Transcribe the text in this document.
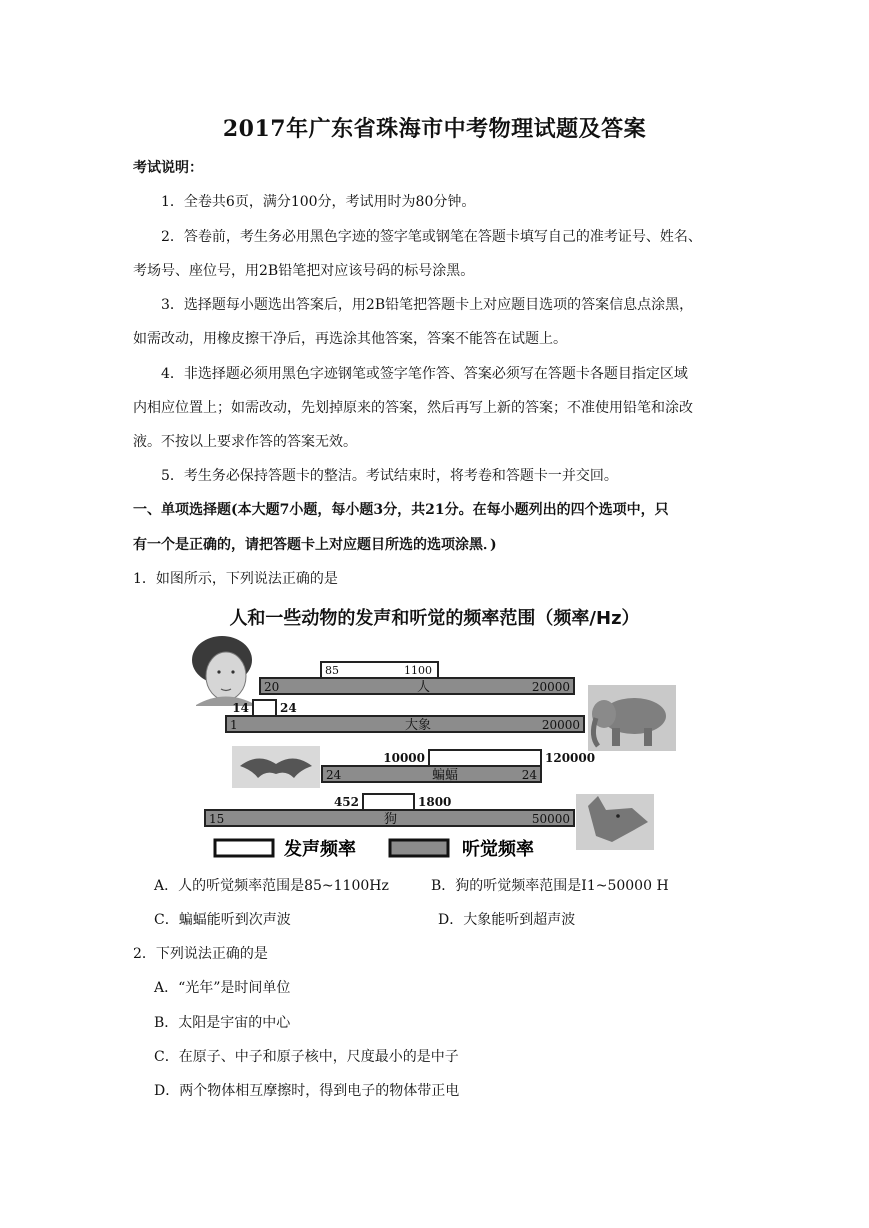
2017年广东省珠海市中考物理试题及答案
考试说明：
1．全卷共6页，满分100分，考试用时为80分钟。
2．答卷前，考生务必用黑色字迹的签字笔或钢笔在答题卡填写自己的准考证号、姓名、
考场号、座位号，用2B铅笔把对应该号码的标号涂黑。
3．选择题每小题选出答案后，用2B铅笔把答题卡上对应题目选项的答案信息点涂黑，
如需改动，用橡皮擦干净后，再选涂其他答案，答案不能答在试题上。
4．非选择题必须用黑色字迹钢笔或签字笔作答、答案必须写在答题卡各题目指定区域
内相应位置上；如需改动，先划掉原来的答案，然后再写上新的答案；不准使用铅笔和涂改
液。不按以上要求作答的答案无效。
5．考生务必保持答题卡的整洁。考试结束时，将考卷和答题卡一并交回。
一、单项选择题(本大题7小题，每小题3分，共21分。在每小题列出的四个选项中，只
有一个是正确的，请把答题卡上对应题目所选的选项涂黑．)
1．如图所示，下列说法正确的是
人和一些动物的发声和听觉的频率范围（频率/Hz）
20	20000
人
85	1100
1	20000
大象
14	24
24	24
蝙蝠
10000	120000
15	50000
狗
452	1800
发声频率	听觉频率
A．人的听觉频率范围是85~1100Hz	B．狗的听觉频率范围是I1~50000 H
C．蝙蝠能听到次声波	D．大象能听到超声波
2．下列说法正确的是
A．“光年”是时间单位
B．太阳是宇宙的中心
C．在原子、中子和原子核中，尺度最小的是中子
D．两个物体相互摩擦时，得到电子的物体带正电
